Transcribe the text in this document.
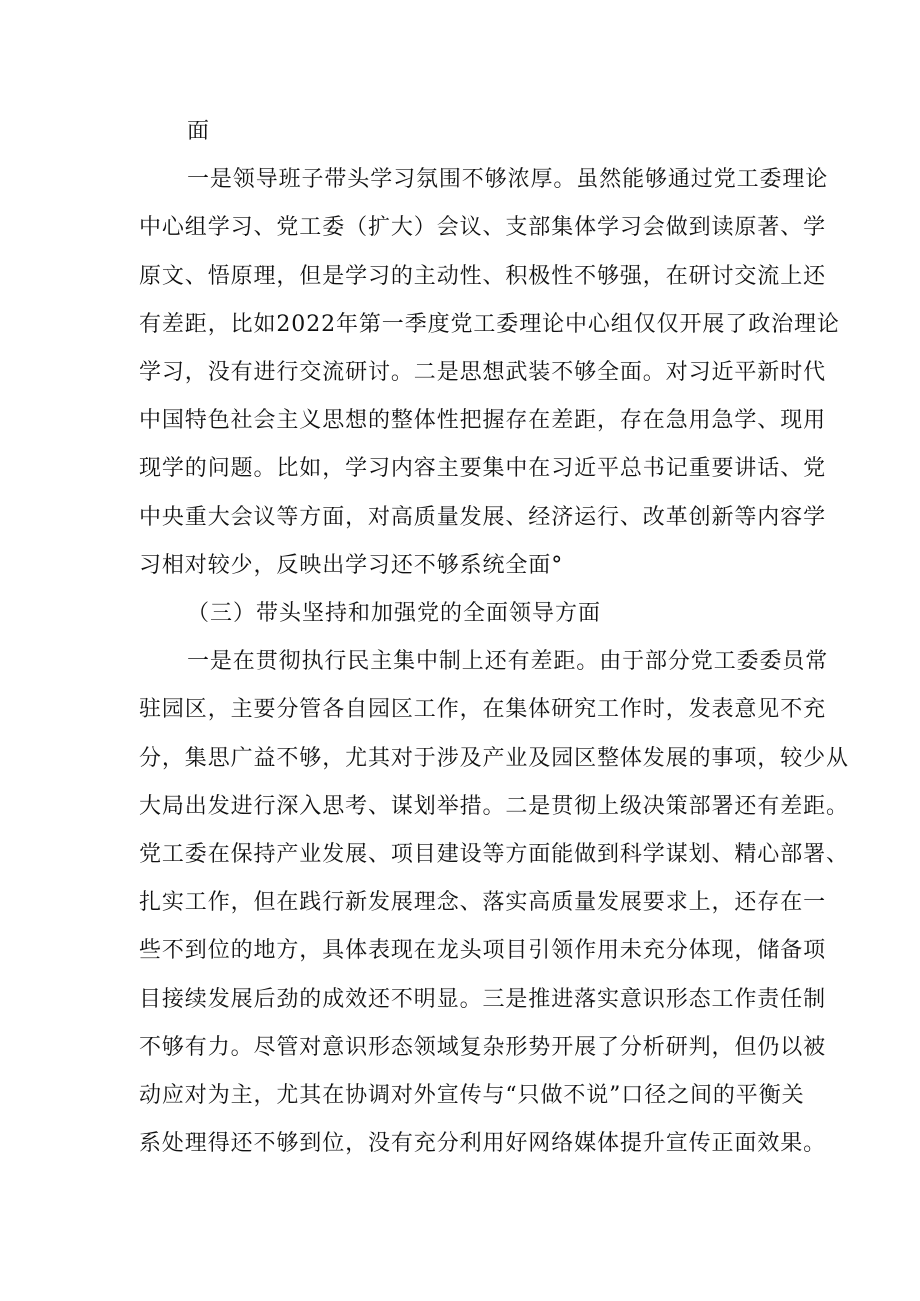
面
一是领导班子带头学习氛围不够浓厚。虽然能够通过党工委理论
中心组学习、党工委（扩大）会议、支部集体学习会做到读原著、学
原文、悟原理，但是学习的主动性、积极性不够强，在研讨交流上还
有差距，比如2022年第一季度党工委理论中心组仅仅开展了政治理论
学习，没有进行交流研讨。二是思想武装不够全面。对习近平新时代
中国特色社会主义思想的整体性把握存在差距，存在急用急学、现用
现学的问题。比如，学习内容主要集中在习近平总书记重要讲话、党
中央重大会议等方面，对高质量发展、经济运行、改革创新等内容学
习相对较少，反映出学习还不够系统全面°
（三）带头坚持和加强党的全面领导方面
一是在贯彻执行民主集中制上还有差距。由于部分党工委委员常
驻园区，主要分管各自园区工作，在集体研究工作时，发表意见不充
分，集思广益不够，尤其对于涉及产业及园区整体发展的事项，较少从
大局出发进行深入思考、谋划举措。二是贯彻上级决策部署还有差距。
党工委在保持产业发展、项目建设等方面能做到科学谋划、精心部署、
扎实工作，但在践行新发展理念、落实高质量发展要求上，还存在一
些不到位的地方，具体表现在龙头项目引领作用未充分体现，储备项
目接续发展后劲的成效还不明显。三是推进落实意识形态工作责任制
不够有力。尽管对意识形态领域复杂形势开展了分析研判，但仍以被
动应对为主，尤其在协调对外宣传与“只做不说”口径之间的平衡关
系处理得还不够到位，没有充分利用好网络媒体提升宣传正面效果。
